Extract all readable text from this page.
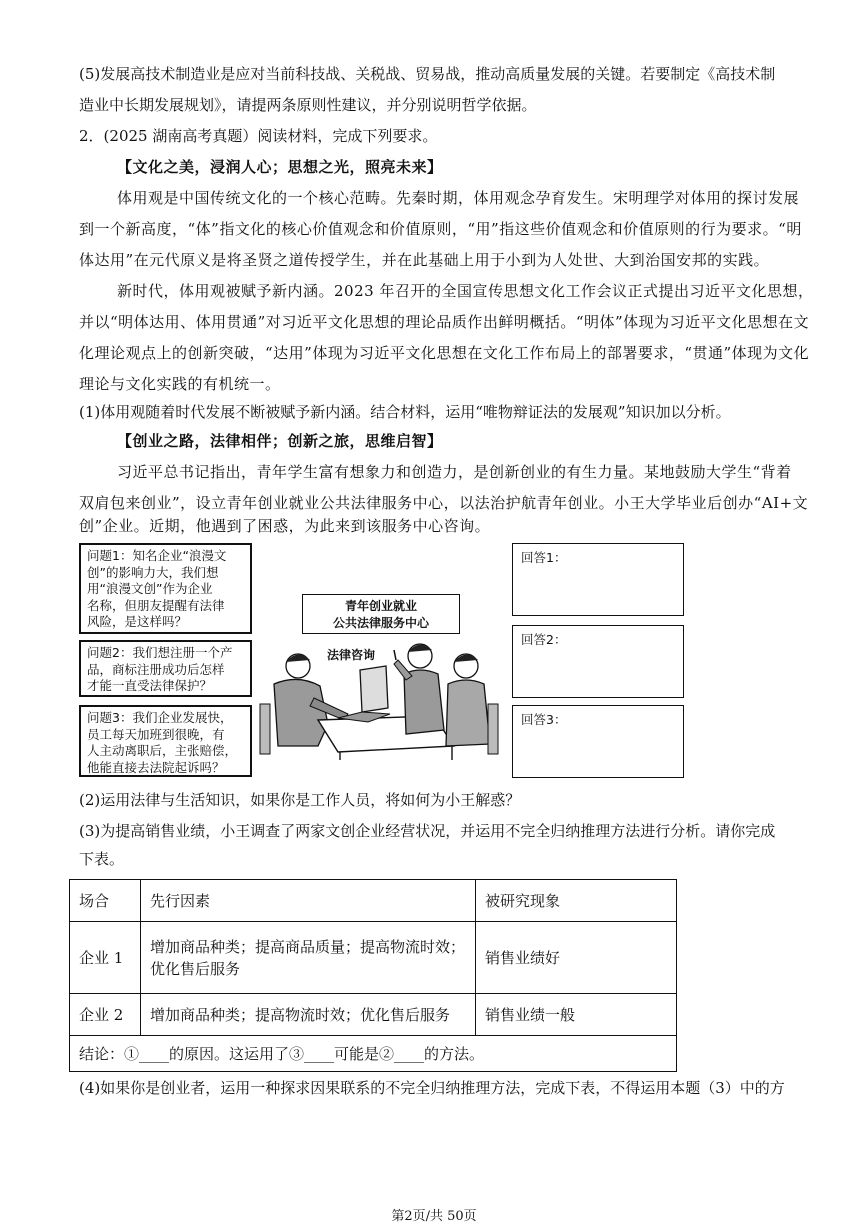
(5)发展高技术制造业是应对当前科技战、关税战、贸易战，推动高质量发展的关键。若要制定《高技术制
造业中长期发展规划》，请提两条原则性建议，并分别说明哲学依据。
2．(2025 湖南高考真题）阅读材料，完成下列要求。
【文化之美，浸润人心；思想之光，照亮未来】
体用观是中国传统文化的一个核心范畴。先秦时期，体用观念孕育发生。宋明理学对体用的探讨发展
到一个新高度，“体”指文化的核心价值观念和价值原则，“用”指这些价值观念和价值原则的行为要求。“明
体达用”在元代原义是将圣贤之道传授学生，并在此基础上用于小到为人处世、大到治国安邦的实践。
新时代，体用观被赋予新内涵。2023 年召开的全国宣传思想文化工作会议正式提出习近平文化思想，
并以“明体达用、体用贯通”对习近平文化思想的理论品质作出鲜明概括。“明体”体现为习近平文化思想在文
化理论观点上的创新突破，“达用”体现为习近平文化思想在文化工作布局上的部署要求，“贯通”体现为文化
理论与文化实践的有机统一。
(1)体用观随着时代发展不断被赋予新内涵。结合材料，运用“唯物辩证法的发展观”知识加以分析。
【创业之路，法律相伴；创新之旅，思维启智】
习近平总书记指出，青年学生富有想象力和创造力，是创新创业的有生力量。某地鼓励大学生“背着
双肩包来创业”，设立青年创业就业公共法律服务中心，以法治护航青年创业。小王大学毕业后创办“AI+文
创”企业。近期，他遇到了困惑，为此来到该服务中心咨询。
问题1：知名企业“浪漫文
创”的影响力大，我们想
用“浪漫文创”作为企业
名称，但朋友提醒有法律
风险，是这样吗？
问题2：我们想注册一个产
品，商标注册成功后怎样
才能一直受法律保护？
问题3：我们企业发展快，
员工每天加班到很晚，有
人主动离职后，主张赔偿，
他能直接去法院起诉吗？
青年创业就业
公共法律服务中心
法律咨询
回答1：
回答2：
回答3：
(2)运用法律与生活知识，如果你是工作人员，将如何为小王解惑？
(3)为提高销售业绩，小王调查了两家文创企业经营状况，并运用不完全归纳推理方法进行分析。请你完成
下表。
场合	先行因素	被研究现象
企业 1	增加商品种类；提高商品质量；提高物流时效；
优化售后服务	销售业绩好
企业 2	增加商品种类；提高物流时效；优化售后服务	销售业绩一般
结论：①____的原因。这运用了③____可能是②____的方法。		
(4)如果你是创业者，运用一种探求因果联系的不完全归纳推理方法，完成下表，不得运用本题（3）中的方
第2页/共 50页
